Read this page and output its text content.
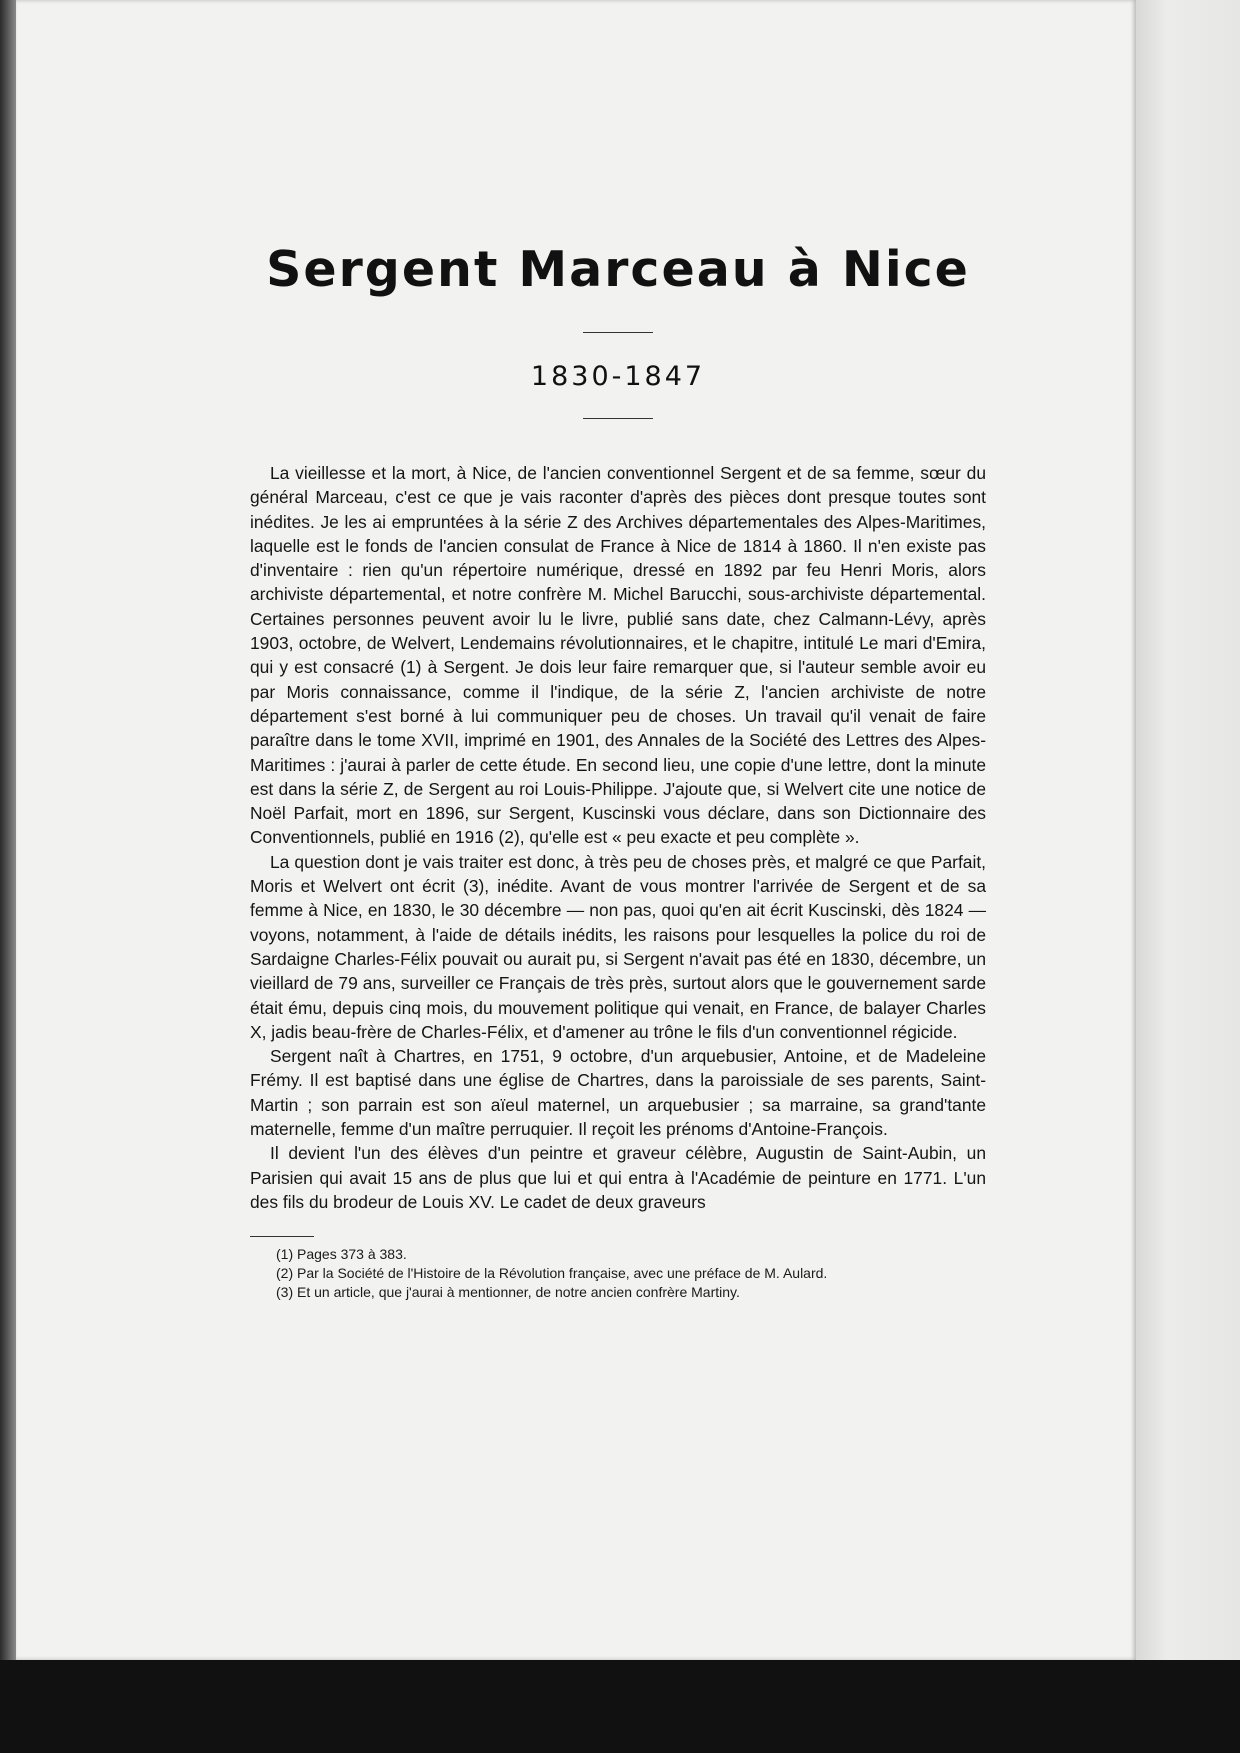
Sergent Marceau à Nice
1830-1847

La vieillesse et la mort, à Nice, de l'ancien conventionnel Sergent et de sa femme, sœur du général Marceau, c'est ce que je vais raconter d'après des pièces dont presque toutes sont inédites. Je les ai empruntées à la série Z des Archives départementales des Alpes-Maritimes, laquelle est le fonds de l'ancien consulat de France à Nice de 1814 à 1860. Il n'en existe pas d'inventaire : rien qu'un répertoire numérique, dressé en 1892 par feu Henri Moris, alors archiviste départemental, et notre confrère M. Michel Barucchi, sous-archiviste départemental. Certaines personnes peuvent avoir lu le livre, publié sans date, chez Calmann-Lévy, après 1903, octobre, de Welvert, Lendemains révolutionnaires, et le chapitre, intitulé Le mari d'Emira, qui y est consacré (1) à Sergent. Je dois leur faire remarquer que, si l'auteur semble avoir eu par Moris connaissance, comme il l'indique, de la série Z, l'ancien archiviste de notre département s'est borné à lui communiquer peu de choses. Un travail qu'il venait de faire paraître dans le tome XVII, imprimé en 1901, des Annales de la Société des Lettres des Alpes-Maritimes : j'aurai à parler de cette étude. En second lieu, une copie d'une lettre, dont la minute est dans la série Z, de Sergent au roi Louis-Philippe. J'ajoute que, si Welvert cite une notice de Noël Parfait, mort en 1896, sur Sergent, Kuscinski vous déclare, dans son Dictionnaire des Conventionnels, publié en 1916 (2), qu'elle est « peu exacte et peu complète ».

La question dont je vais traiter est donc, à très peu de choses près, et malgré ce que Parfait, Moris et Welvert ont écrit (3), inédite. Avant de vous montrer l'arrivée de Sergent et de sa femme à Nice, en 1830, le 30 décembre — non pas, quoi qu'en ait écrit Kuscinski, dès 1824 — voyons, notamment, à l'aide de détails inédits, les raisons pour lesquelles la police du roi de Sardaigne Charles-Félix pouvait ou aurait pu, si Sergent n'avait pas été en 1830, décembre, un vieillard de 79 ans, surveiller ce Français de très près, surtout alors que le gouvernement sarde était ému, depuis cinq mois, du mouvement politique qui venait, en France, de balayer Charles X, jadis beau-frère de Charles-Félix, et d'amener au trône le fils d'un conventionnel régicide.

Sergent naît à Chartres, en 1751, 9 octobre, d'un arquebusier, Antoine, et de Madeleine Frémy. Il est baptisé dans une église de Chartres, dans la paroissiale de ses parents, Saint-Martin ; son parrain est son aïeul maternel, un arquebusier ; sa marraine, sa grand'tante maternelle, femme d'un maître perruquier. Il reçoit les prénoms d'Antoine-François.

Il devient l'un des élèves d'un peintre et graveur célèbre, Augustin de Saint-Aubin, un Parisien qui avait 15 ans de plus que lui et qui entra à l'Académie de peinture en 1771. L'un des fils du brodeur de Louis XV. Le cadet de deux graveurs

(1) Pages 373 à 383.
(2) Par la Société de l'Histoire de la Révolution française, avec une préface de M. Aulard.
(3) Et un article, que j'aurai à mentionner, de notre ancien confrère Martiny.
